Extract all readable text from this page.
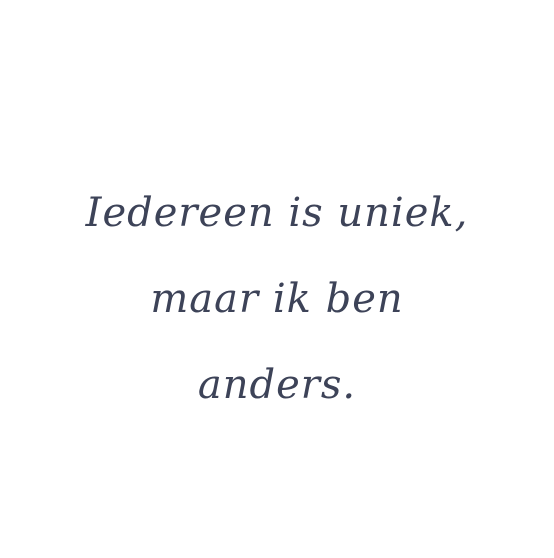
Iedereen is uniek,
maar ik ben
anders.
